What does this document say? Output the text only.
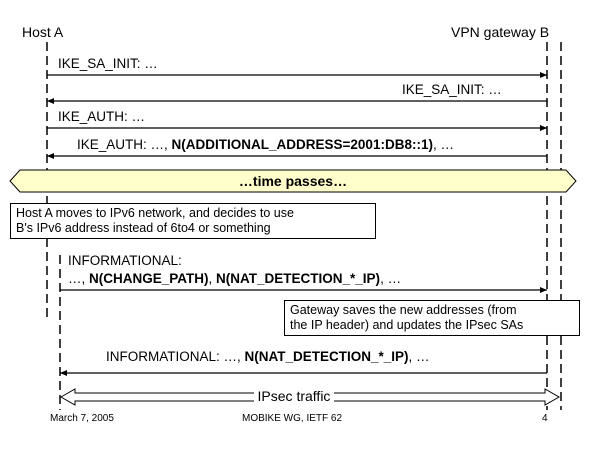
Host A	VPN gateway B
IKE_SA_INIT: …
IKE_SA_INIT: …
IKE_AUTH: …
IKE_AUTH: …, N(ADDITIONAL_ADDRESS=2001:DB8::1), …
…time passes…
Host A moves to IPv6 network, and decides to use
B's IPv6 address instead of 6to4 or something
INFORMATIONAL:
…, N(CHANGE_PATH), N(NAT_DETECTION_*_IP), …
Gateway saves the new addresses (from
the IP header) and updates the IPsec SAs
INFORMATIONAL: …, N(NAT_DETECTION_*_IP), …
IPsec traffic
March 7, 2005	MOBIKE WG, IETF 62	4
